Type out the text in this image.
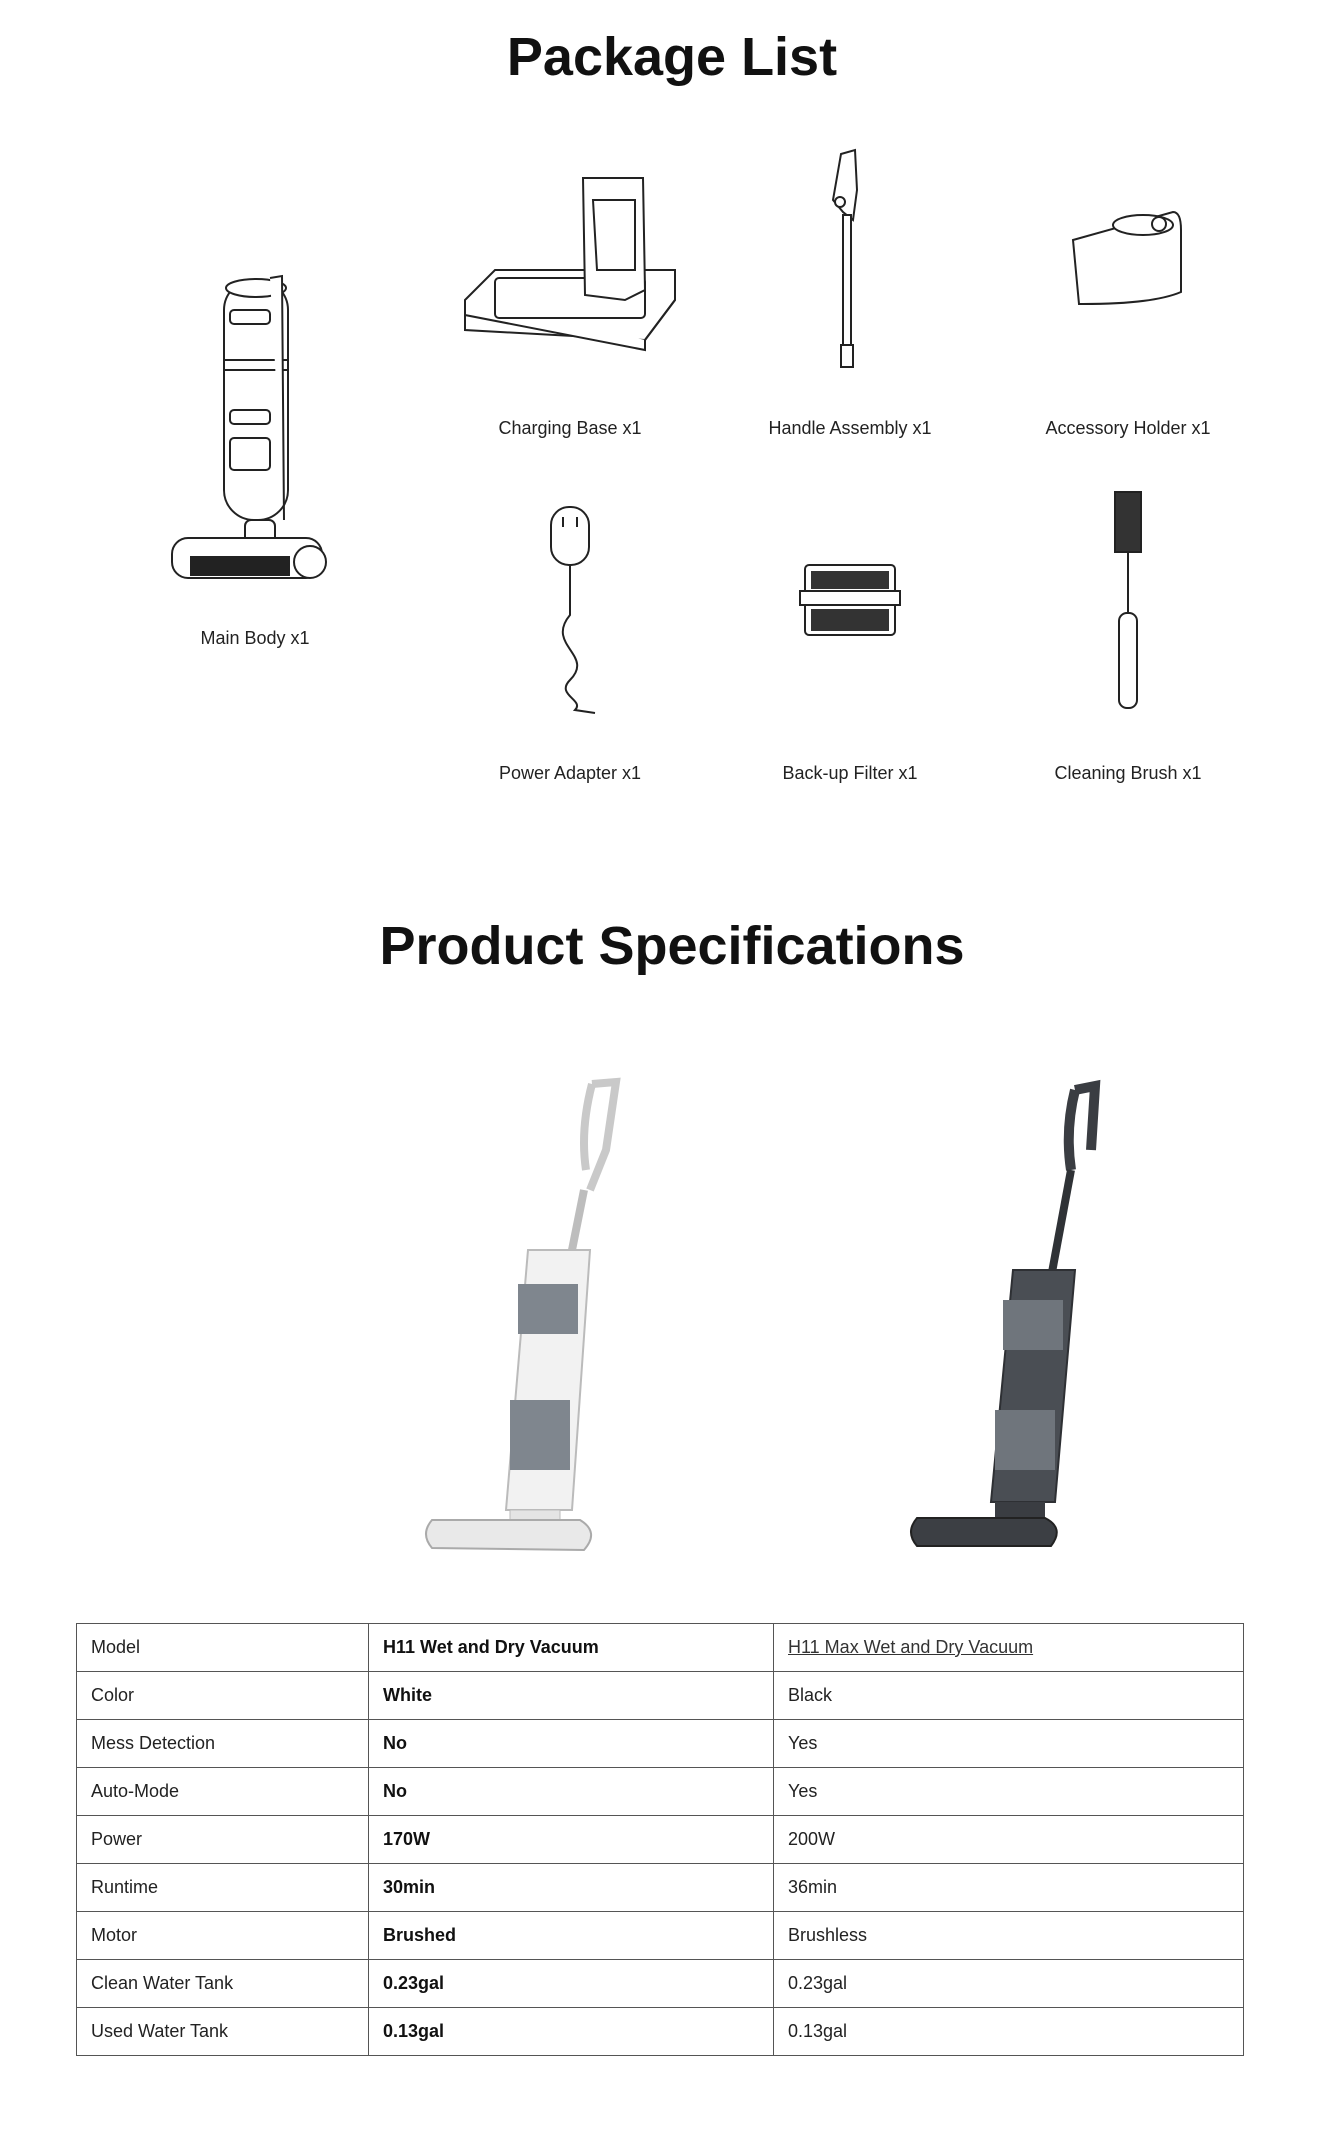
Package List
Main Body x1
Charging Base x1	Handle Assembly x1	Accessory Holder x1
Power Adapter x1	Back-up Filter x1	Cleaning Brush x1
Product Specifications
Model	H11 Wet and Dry Vacuum	H11 Max Wet and Dry Vacuum
Color	White	Black
Mess Detection	No	Yes
Auto-Mode	No	Yes
Power	170W	200W
Runtime	30min	36min
Motor	Brushed	Brushless
Clean Water Tank	0.23gal	0.23gal
Used Water Tank	0.13gal	0.13gal
